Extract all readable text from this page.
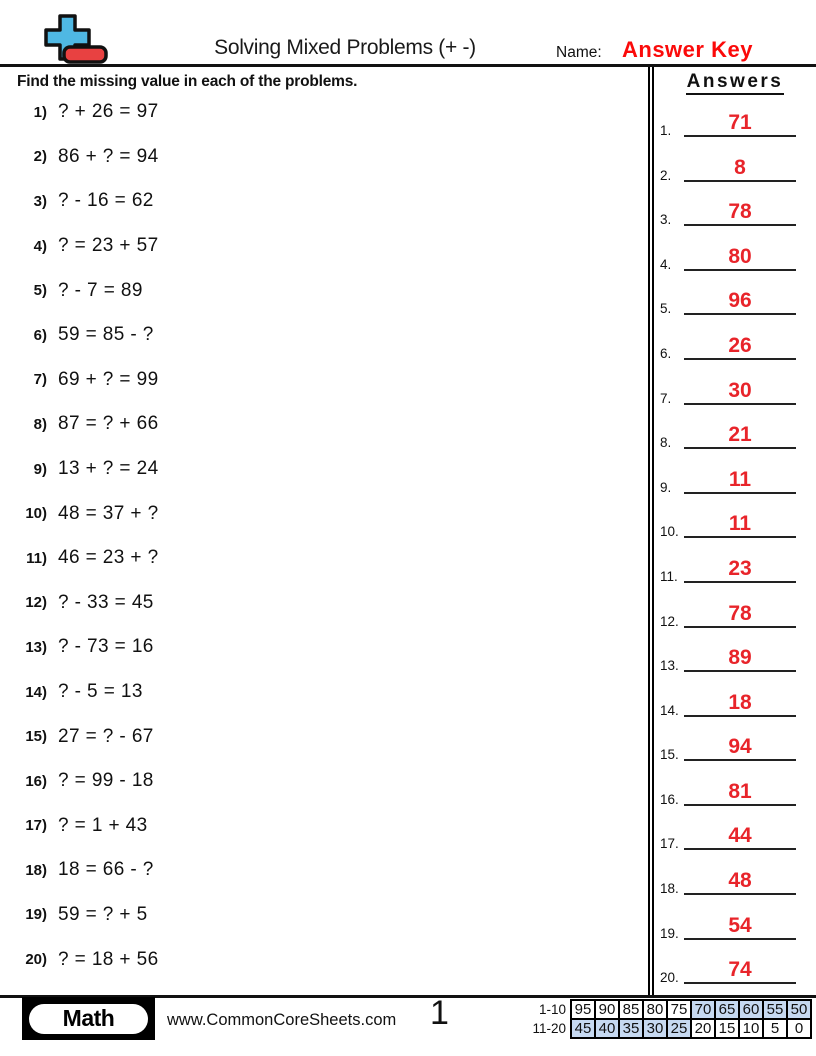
Solving Mixed Problems (+ -)	Name: Answer Key
Find the missing value in each of the problems.
1) ? + 26 = 97
2) 86 + ? = 94
3) ? - 16 = 62
4) ? = 23 + 57
5) ? - 7 = 89
6) 59 = 85 - ?
7) 69 + ? = 99
8) 87 = ? + 66
9) 13 + ? = 24
10) 48 = 37 + ?
11) 46 = 23 + ?
12) ? - 33 = 45
13) ? - 73 = 16
14) ? - 5 = 13
15) 27 = ? - 67
16) ? = 99 - 18
17) ? = 1 + 43
18) 18 = 66 - ?
19) 59 = ? + 5
20) ? = 18 + 56
Answers
1.	71
2.	8
3.	78
4.	80
5.	96
6.	26
7.	30
8.	21
9.	11
10.	11
11.	23
12.	78
13.	89
14.	18
15.	94
16.	81
17.	44
18.	48
19.	54
20.	74
Math	www.CommonCoreSheets.com 1	1-10 95 90 85 80 75 70 65 60 55 50
11-20 45 40 35 30 25 20 15 10 5	0
